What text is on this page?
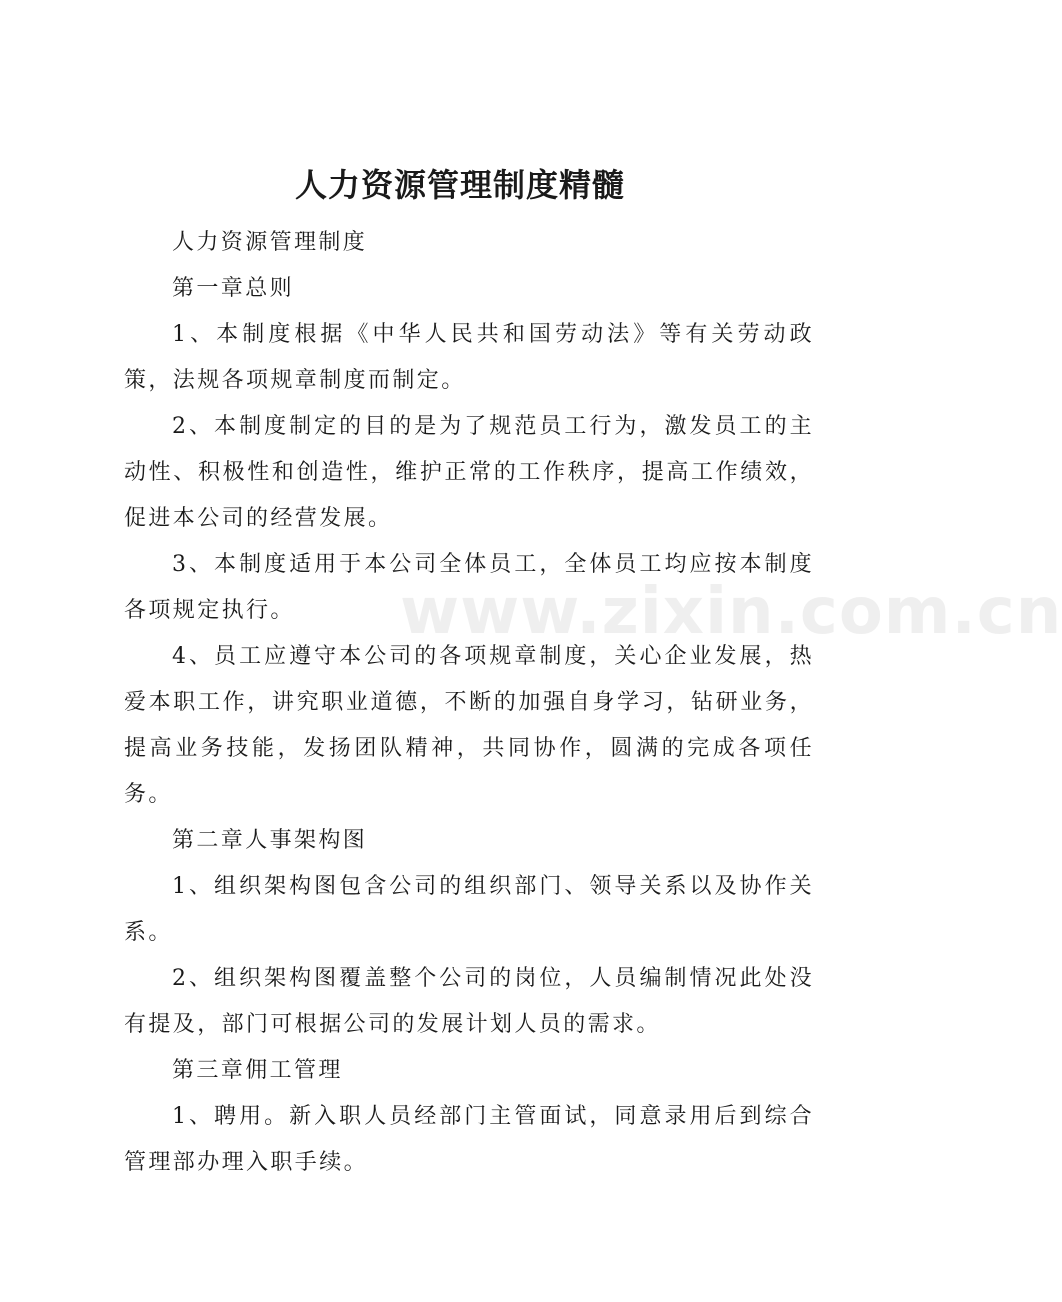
人力资源管理制度精髓

人力资源管理制度

第一章总则

1、本制度根据《中华人民共和国劳动法》等有关劳动政策，法规各项规章制度而制定。

2、本制度制定的目的是为了规范员工行为，激发员工的主动性、积极性和创造性，维护正常的工作秩序，提高工作绩效，促进本公司的经营发展。

3、本制度适用于本公司全体员工，全体员工均应按本制度各项规定执行。

4、员工应遵守本公司的各项规章制度，关心企业发展，热爱本职工作，讲究职业道德，不断的加强自身学习，钻研业务，提高业务技能，发扬团队精神，共同协作，圆满的完成各项任务。

第二章人事架构图

1、组织架构图包含公司的组织部门、领导关系以及协作关系。

2、组织架构图覆盖整个公司的岗位，人员编制情况此处没有提及，部门可根据公司的发展计划人员的需求。

第三章佣工管理

1、聘用。新入职人员经部门主管面试，同意录用后到综合管理部办理入职手续。

www.zixin.com.cn
